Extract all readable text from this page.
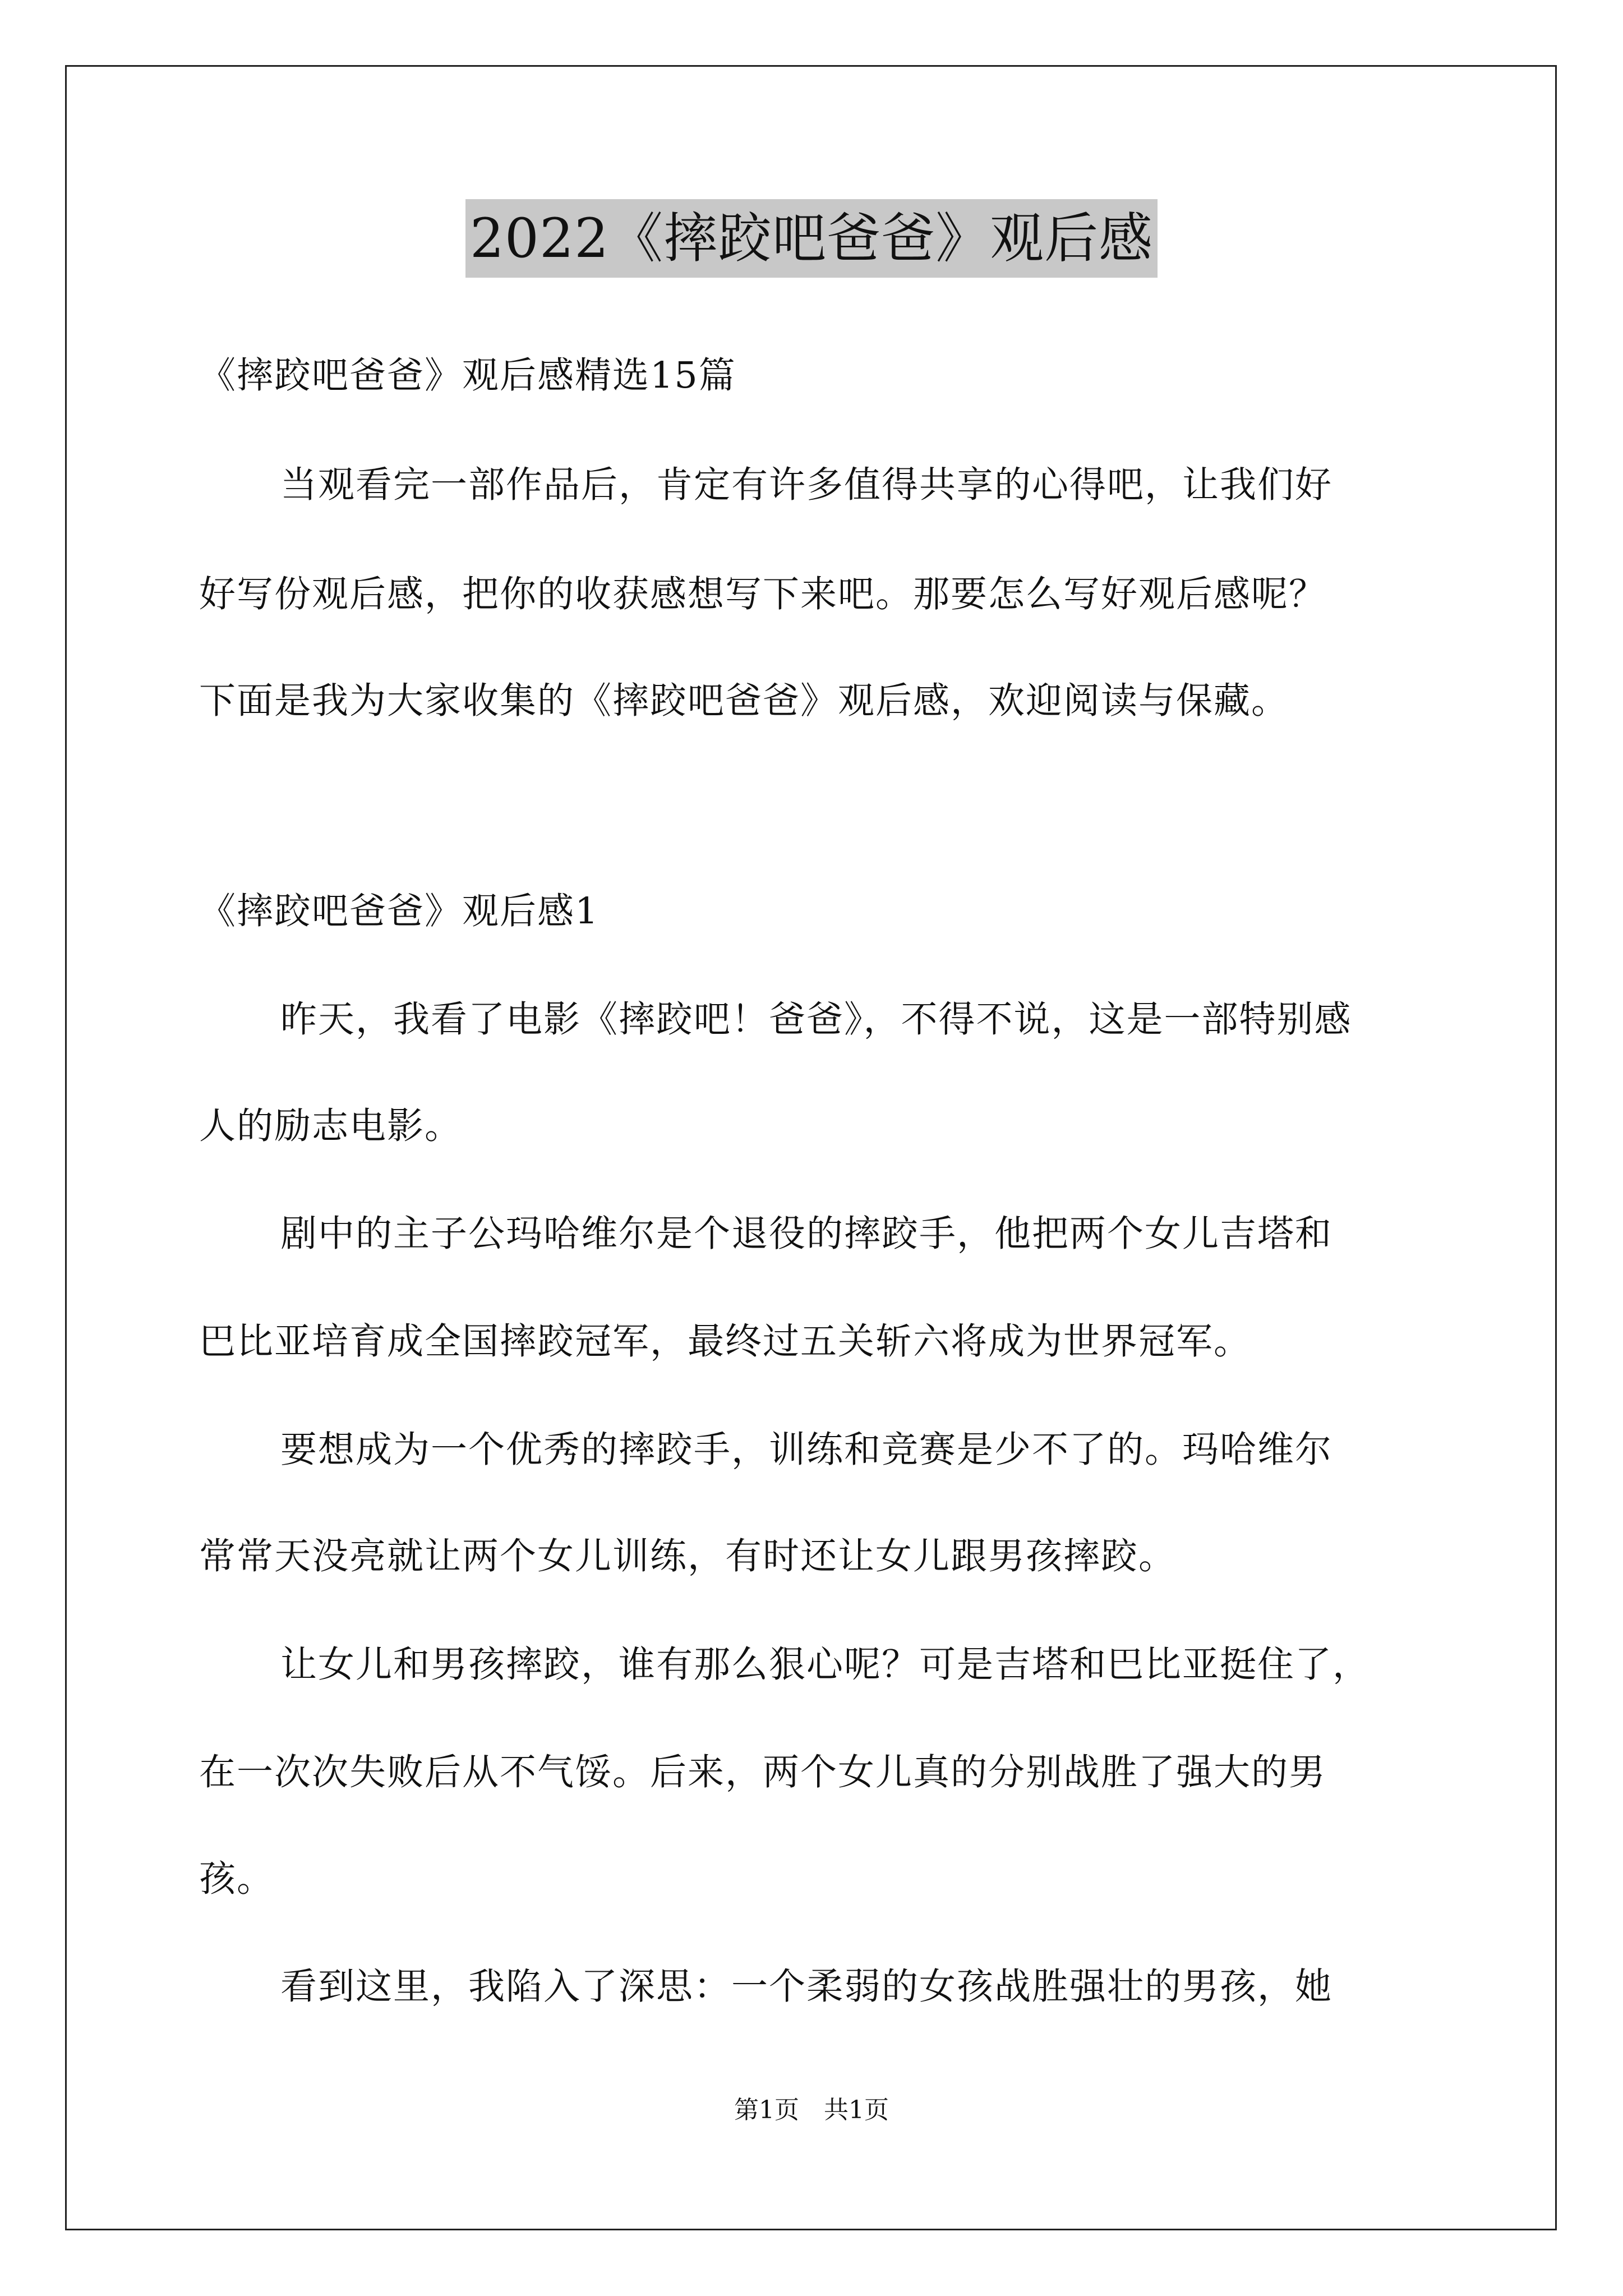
2022《摔跤吧爸爸》观后感
《摔跤吧爸爸》观后感精选15篇
当观看完一部作品后，肯定有许多值得共享的心得吧，让我们好
好写份观后感，把你的收获感想写下来吧。那要怎么写好观后感呢？
下面是我为大家收集的《摔跤吧爸爸》观后感，欢迎阅读与保藏。
《摔跤吧爸爸》观后感1
昨天，我看了电影《摔跤吧！爸爸》，不得不说，这是一部特别感
人的励志电影。
剧中的主子公玛哈维尔是个退役的摔跤手，他把两个女儿吉塔和
巴比亚培育成全国摔跤冠军，最终过五关斩六将成为世界冠军。
要想成为一个优秀的摔跤手，训练和竞赛是少不了的。玛哈维尔
常常天没亮就让两个女儿训练，有时还让女儿跟男孩摔跤。
让女儿和男孩摔跤，谁有那么狠心呢？可是吉塔和巴比亚挺住了，
在一次次失败后从不气馁。后来，两个女儿真的分别战胜了强大的男
孩。
看到这里，我陷入了深思：一个柔弱的女孩战胜强壮的男孩，她
第1页　共1页
